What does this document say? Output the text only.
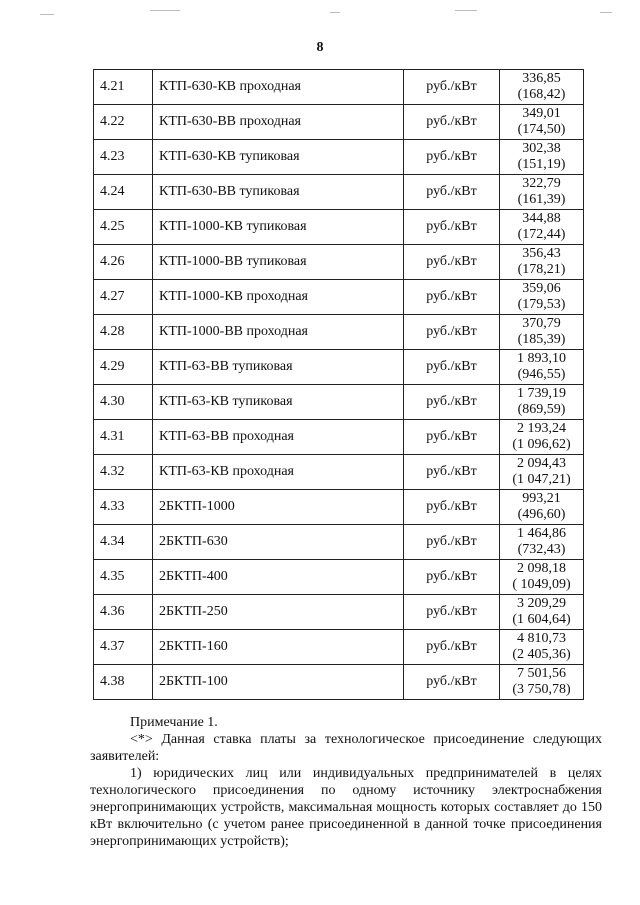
8
4.21	КТП-630-КВ проходная	руб./кВт	336,85
(168,42)

4.22	КТП-630-ВВ проходная	руб./кВт	349,01
(174,50)

4.23	КТП-630-КВ тупиковая	руб./кВт	302,38
(151,19)

4.24	КТП-630-ВВ тупиковая	руб./кВт	322,79
(161,39)

4.25	КТП-1000-КВ тупиковая	руб./кВт	344,88
(172,44)

4.26	КТП-1000-ВВ тупиковая	руб./кВт	356,43
(178,21)

4.27	КТП-1000-КВ проходная	руб./кВт	359,06
(179,53)

4.28	КТП-1000-ВВ проходная	руб./кВт	370,79
(185,39)

4.29	КТП-63-ВВ тупиковая	руб./кВт	1 893,10
(946,55)

4.30	КТП-63-КВ тупиковая	руб./кВт	1 739,19
(869,59)

4.31	КТП-63-ВВ проходная	руб./кВт	2 193,24
(1 096,62)

4.32	КТП-63-КВ проходная	руб./кВт	2 094,43
(1 047,21)

4.33	2БКТП-1000	руб./кВт	993,21
(496,60)

4.34	2БКТП-630	руб./кВт	1 464,86
(732,43)

4.35	2БКТП-400	руб./кВт	2 098,18
( 1049,09)

4.36	2БКТП-250	руб./кВт	3 209,29
(1 604,64)

4.37	2БКТП-160	руб./кВт	4 810,73
(2 405,36)

4.38	2БКТП-100	руб./кВт	7 501,56
(3 750,78)

Примечание 1.

<*> Данная ставка платы за технологическое присоединение следующих заявителей:

1) юридических лиц или индивидуальных предпринимателей в целях технологического присоединения по одному источнику электроснабжения энергопринимающих устройств, максимальная мощность которых составляет до 150 кВт включительно (с учетом ранее присоединенной в данной точке присоединения энергопринимающих устройств);
